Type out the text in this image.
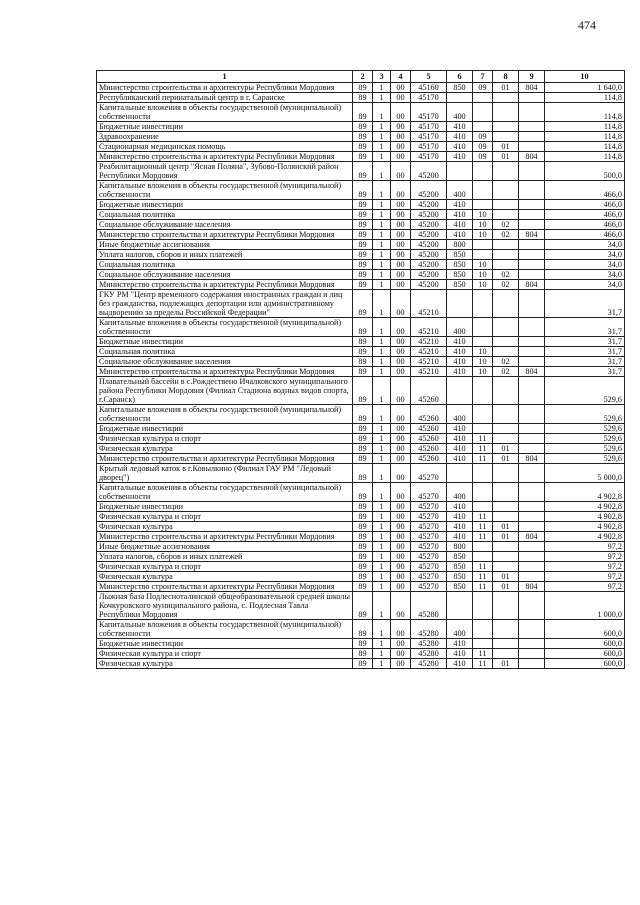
474
1	2	3	4	5	6	7	8	9	10
Министерство строительства и архитектуры Республики Мордовия	89	1	00	45160	850	09	01	804	1 640,0
Республиканский перинатальный центр в г. Саранске	89	1	00	45170					114,8
Капитальные вложения в объекты государственной (муниципальной) собственности	89	1	00	45170	400				114,8
Бюджетные инвестиции	89	1	00	45170	410				114,8
Здравоохранение	89	1	00	45170	410	09			114,8
Стационарная медицинская помощь	89	1	00	45170	410	09	01		114,8
Министерство строительства и архитектуры Республики Мордовия	89	1	00	45170	410	09	01	804	114,8
Реабилитационный центр "Ясная Поляна", Зубово-Полянский район Республики Мордовия	89	1	00	45200					500,0
Капитальные вложения в объекты государственной (муниципальной) собственности	89	1	00	45200	400				466,0
Бюджетные инвестиции	89	1	00	45200	410				466,0
Социальная политика	89	1	00	45200	410	10			466,0
Социальное обслуживание населения	89	1	00	45200	410	10	02		466,0
Министерство строительства и архитектуры Республики Мордовия	89	1	00	45200	410	10	02	804	466,0
Иные бюджетные ассигнования	89	1	00	45200	800				34,0
Уплата налогов, сборов и иных платежей	89	1	00	45200	850				34,0
Социальная политика	89	1	00	45200	850	10			34,0
Социальное обслуживание населения	89	1	00	45200	850	10	02		34,0
Министерство строительства и архитектуры Республики Мордовия	89	1	00	45200	850	10	02	804	34,0
ГКУ РМ "Центр временного содержания иностранных граждан и лиц без гражданства, подлежащих депортации или административному выдворению за пределы Российской Федерации"	89	1	00	45210					31,7
Капитальные вложения в объекты государственной (муниципальной) собственности	89	1	00	45210	400				31,7
Бюджетные инвестиции	89	1	00	45210	410				31,7
Социальная политика	89	1	00	45210	410	10			31,7
Социальное обслуживание населения	89	1	00	45210	410	10	02		31,7
Министерство строительства и архитектуры Республики Мордовия	89	1	00	45210	410	10	02	804	31,7
Плавательный бассейн в с.Рождествено Ичалковского муниципального района Республики Мордовия (Филиал Стадиона водных видов спорта, г.Саранск)	89	1	00	45260					529,6
Капитальные вложения в объекты государственной (муниципальной) собственности	89	1	00	45260	400				529,6
Бюджетные инвестиции	89	1	00	45260	410				529,6
Физическая культура и спорт	89	1	00	45260	410	11			529,6
Физическая культура	89	1	00	45260	410	11	01		529,6
Министерство строительства и архитектуры Республики Мордовия	89	1	00	45260	410	11	01	804	529,6
Крытый ледовый каток в г.Ковылкино (Филиал ГАУ РМ "Ледовый дворец")	89	1	00	45270					5 000,0
Капитальные вложения в объекты государственной (муниципальной) собственности	89	1	00	45270	400				4 902,8
Бюджетные инвестиции	89	1	00	45270	410				4 902,8
Физическая культура и спорт	89	1	00	45270	410	11			4 902,8
Физическая культура	89	1	00	45270	410	11	01		4 902,8
Министерство строительства и архитектуры Республики Мордовия	89	1	00	45270	410	11	01	804	4 902,8
Иные бюджетные ассигнования	89	1	00	45270	800				97,2
Уплата налогов, сборов и иных платежей	89	1	00	45270	850				97,2
Физическая культура и спорт	89	1	00	45270	850	11			97,2
Физическая культура	89	1	00	45270	850	11	01		97,2
Министерство строительства и архитектуры Республики Мордовия	89	1	00	45270	850	11	01	804	97,2
Лыжная база Подлесноталинской общеобразовательной средней школы Кочкуровского муниципального района, с. Подлесная Тавла Республики Мордовия	89	1	00	45280					1 000,0
Капитальные вложения в объекты государственной (муниципальной) собственности	89	1	00	45280	400				600,0
Бюджетные инвестиции	89	1	00	45280	410				600,0
Физическая культура и спорт	89	1	00	45280	410	11			600,0
Физическая культура	89	1	00	45280	410	11	01		600,0
